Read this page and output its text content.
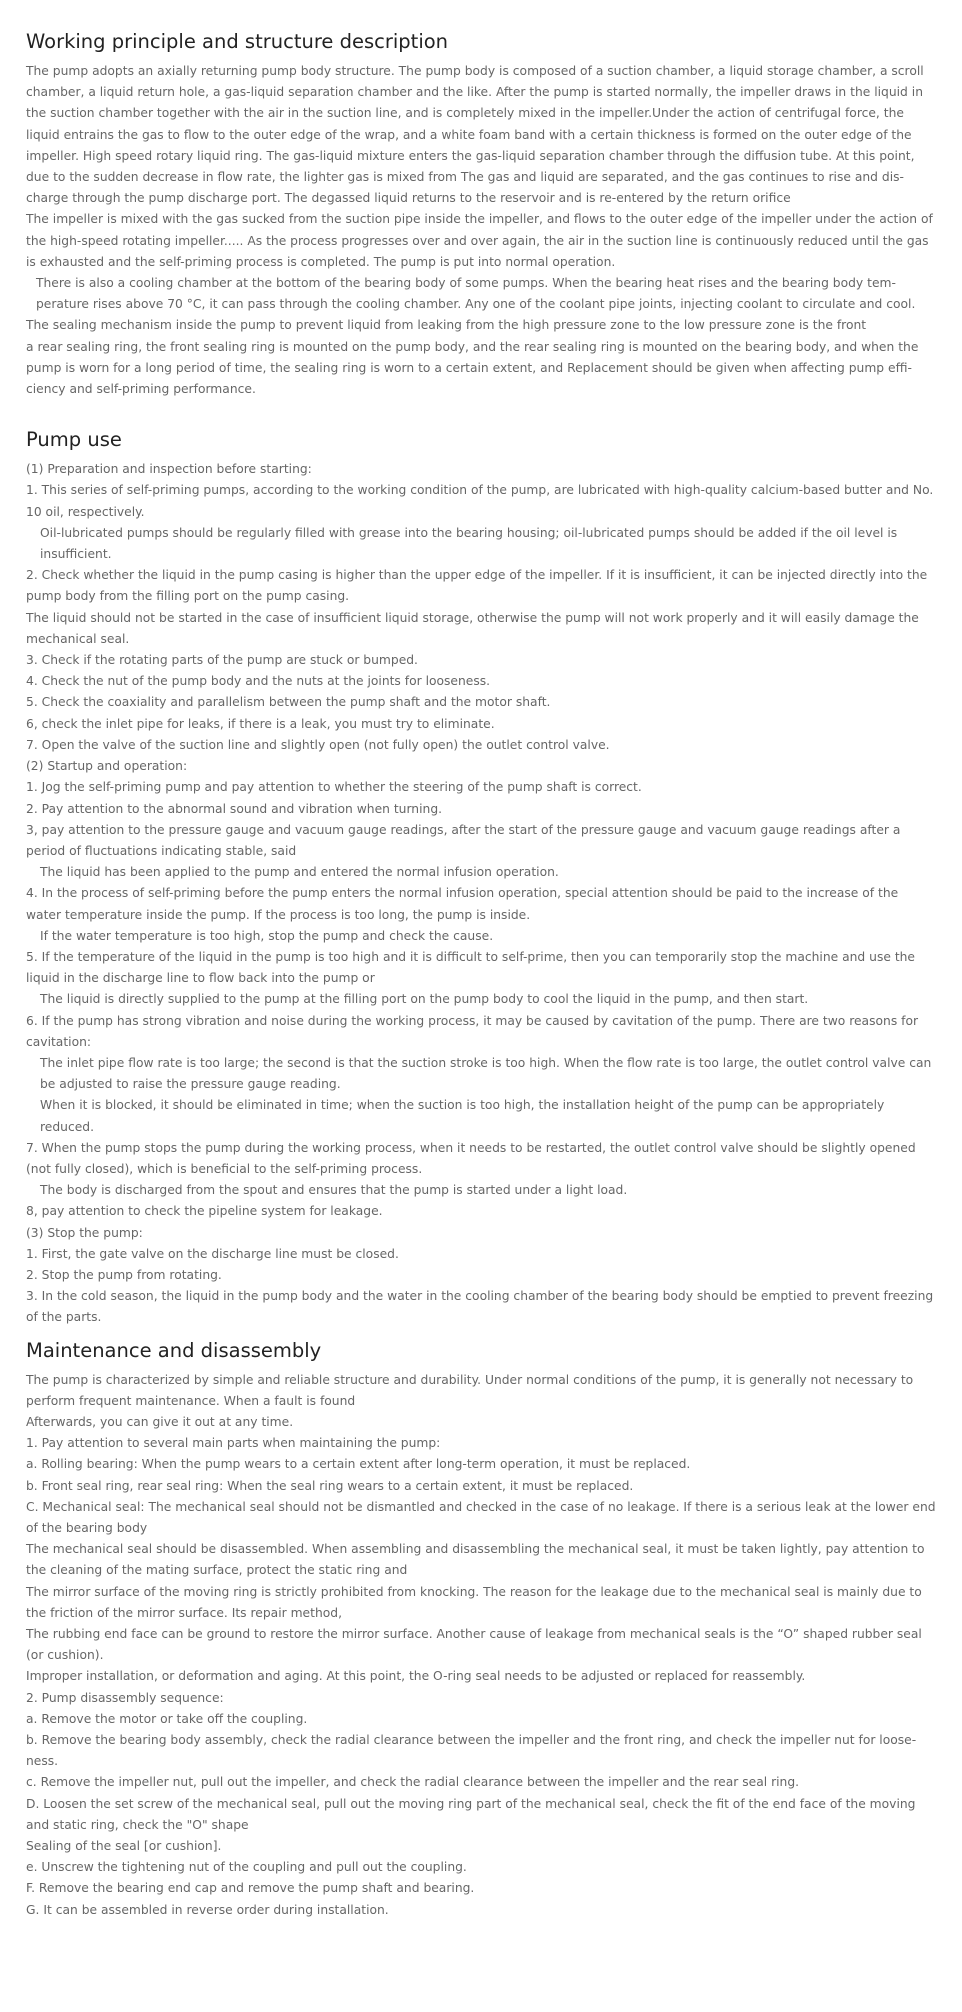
Working principle and structure description

The pump adopts an axially returning pump body structure. The pump body is composed of a suction chamber, a liquid storage chamber, a scroll chamber, a liquid return hole, a gas-liquid separation chamber and the like. After the pump is started normally, the impeller draws in the liquid in the suction chamber together with the air in the suction line, and is completely mixed in the impeller.Under the action of centrifugal force, the liquid entrains the gas to flow to the outer edge of the wrap, and a white foam band with a certain thickness is formed on the outer edge of the impeller. High speed rotary liquid ring. The gas-liquid mixture enters the gas-liquid separation chamber through the diffusion tube. At this point, due to the sudden decrease in flow rate, the lighter gas is mixed from The gas and liquid are separated, and the gas continues to rise and dis-charge through the pump discharge port. The degassed liquid returns to the reservoir and is re-entered by the return orifice

The impeller is mixed with the gas sucked from the suction pipe inside the impeller, and flows to the outer edge of the impeller under the action of the high-speed rotating impeller..... As the process progresses over and over again, the air in the suction line is continuously reduced until the gas is exhausted and the self-priming process is completed. The pump is put into normal operation.

There is also a cooling chamber at the bottom of the bearing body of some pumps. When the bearing heat rises and the bearing body tem-perature rises above 70 °C, it can pass through the cooling chamber. Any one of the coolant pipe joints, injecting coolant to circulate and cool.

The sealing mechanism inside the pump to prevent liquid from leaking from the high pressure zone to the low pressure zone is the front

a rear sealing ring, the front sealing ring is mounted on the pump body, and the rear sealing ring is mounted on the bearing body, and when the pump is worn for a long period of time, the sealing ring is worn to a certain extent, and Replacement should be given when affecting pump effi-ciency and self-priming performance.

Pump use

(1) Preparation and inspection before starting:

1. This series of self-priming pumps, according to the working condition of the pump, are lubricated with high-quality calcium-based butter and No. 10 oil, respectively.

Oil-lubricated pumps should be regularly filled with grease into the bearing housing; oil-lubricated pumps should be added if the oil level is insufficient.

2. Check whether the liquid in the pump casing is higher than the upper edge of the impeller. If it is insufficient, it can be injected directly into the pump body from the filling port on the pump casing.

The liquid should not be started in the case of insufficient liquid storage, otherwise the pump will not work properly and it will easily damage the mechanical seal.

3. Check if the rotating parts of the pump are stuck or bumped.

4. Check the nut of the pump body and the nuts at the joints for looseness.

5. Check the coaxiality and parallelism between the pump shaft and the motor shaft.

6, check the inlet pipe for leaks, if there is a leak, you must try to eliminate.

7. Open the valve of the suction line and slightly open (not fully open) the outlet control valve.

(2) Startup and operation:

1. Jog the self-priming pump and pay attention to whether the steering of the pump shaft is correct.

2. Pay attention to the abnormal sound and vibration when turning.

3, pay attention to the pressure gauge and vacuum gauge readings, after the start of the pressure gauge and vacuum gauge readings after a period of fluctuations indicating stable, said

The liquid has been applied to the pump and entered the normal infusion operation.

4. In the process of self-priming before the pump enters the normal infusion operation, special attention should be paid to the increase of the water temperature inside the pump. If the process is too long, the pump is inside.

If the water temperature is too high, stop the pump and check the cause.

5. If the temperature of the liquid in the pump is too high and it is difficult to self-prime, then you can temporarily stop the machine and use the liquid in the discharge line to flow back into the pump or

The liquid is directly supplied to the pump at the filling port on the pump body to cool the liquid in the pump, and then start.

6. If the pump has strong vibration and noise during the working process, it may be caused by cavitation of the pump. There are two reasons for cavitation:

The inlet pipe flow rate is too large; the second is that the suction stroke is too high. When the flow rate is too large, the outlet control valve can be adjusted to raise the pressure gauge reading.

When it is blocked, it should be eliminated in time; when the suction is too high, the installation height of the pump can be appropriately reduced.

7. When the pump stops the pump during the working process, when it needs to be restarted, the outlet control valve should be slightly opened (not fully closed), which is beneficial to the self-priming process.

The body is discharged from the spout and ensures that the pump is started under a light load.

8, pay attention to check the pipeline system for leakage.

(3) Stop the pump:

1. First, the gate valve on the discharge line must be closed.

2. Stop the pump from rotating.

3. In the cold season, the liquid in the pump body and the water in the cooling chamber of the bearing body should be emptied to prevent freezing of the parts.

Maintenance and disassembly

The pump is characterized by simple and reliable structure and durability. Under normal conditions of the pump, it is generally not necessary to perform frequent maintenance. When a fault is found

Afterwards, you can give it out at any time.

1. Pay attention to several main parts when maintaining the pump:

a. Rolling bearing: When the pump wears to a certain extent after long-term operation, it must be replaced.

b. Front seal ring, rear seal ring: When the seal ring wears to a certain extent, it must be replaced.

C. Mechanical seal: The mechanical seal should not be dismantled and checked in the case of no leakage. If there is a serious leak at the lower end of the bearing body

The mechanical seal should be disassembled. When assembling and disassembling the mechanical seal, it must be taken lightly, pay attention to the cleaning of the mating surface, protect the static ring and

The mirror surface of the moving ring is strictly prohibited from knocking. The reason for the leakage due to the mechanical seal is mainly due to the friction of the mirror surface. Its repair method,

The rubbing end face can be ground to restore the mirror surface. Another cause of leakage from mechanical seals is the “O” shaped rubber seal (or cushion).

Improper installation, or deformation and aging. At this point, the O-ring seal needs to be adjusted or replaced for reassembly.

2. Pump disassembly sequence:

a. Remove the motor or take off the coupling.

b. Remove the bearing body assembly, check the radial clearance between the impeller and the front ring, and check the impeller nut for loose-ness.

c. Remove the impeller nut, pull out the impeller, and check the radial clearance between the impeller and the rear seal ring.

D. Loosen the set screw of the mechanical seal, pull out the moving ring part of the mechanical seal, check the fit of the end face of the moving and static ring, check the "O" shape

Sealing of the seal [or cushion].

e. Unscrew the tightening nut of the coupling and pull out the coupling.

F. Remove the bearing end cap and remove the pump shaft and bearing.

G. It can be assembled in reverse order during installation.
